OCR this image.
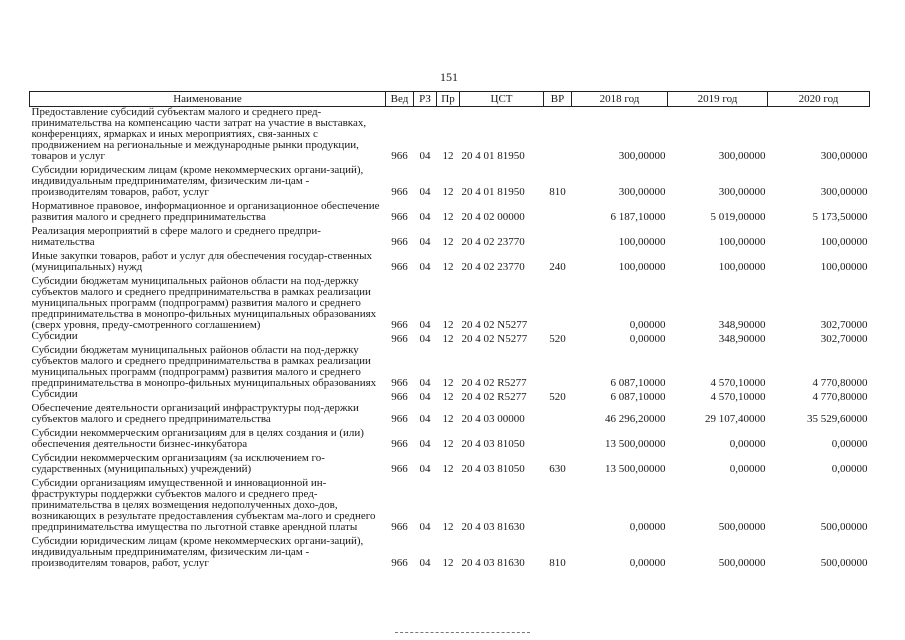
151
Наименование	Вед	РЗ	Пр	ЦСТ	ВР	2018 год	2019 год	2020 год
Предоставление субсидий субъектам малого и среднего пред-принимательства на компенсацию части затрат на участие в выставках, конференциях, ярмарках и иных мероприятиях, свя-занных с продвижением на региональные и международные рынки продукции, товаров и услуг	966	04	12	20 4 01 81950		300,00000	300,00000	300,00000
Субсидии юридическим лицам (кроме некоммерческих органи-заций), индивидуальным предпринимателям, физическим ли-цам - производителям товаров, работ, услуг	966	04	12	20 4 01 81950	810	300,00000	300,00000	300,00000
Нормативное правовое, информационное и организационное обеспечение развития малого и среднего предпринимательства	966	04	12	20 4 02 00000		6 187,10000	5 019,00000	5 173,50000
Реализация мероприятий в сфере малого и среднего предпри-нимательства	966	04	12	20 4 02 23770		100,00000	100,00000	100,00000
Иные закупки товаров, работ и услуг для обеспечения государ-ственных (муниципальных) нужд	966	04	12	20 4 02 23770	240	100,00000	100,00000	100,00000
Субсидии бюджетам муниципальных районов области на под-держку субъектов малого и среднего предпринимательства в рамках реализации муниципальных программ (подпрограмм) развития малого и среднего предпринимательства в монопро-фильных муниципальных образованиях (сверх уровня, преду-смотренного соглашением)	966	04	12	20 4 02 N5277		0,00000	348,90000	302,70000
Субсидии	966	04	12	20 4 02 N5277	520	0,00000	348,90000	302,70000
Субсидии бюджетам муниципальных районов области на под-держку субъектов малого и среднего предпринимательства в рамках реализации муниципальных программ (подпрограмм) развития малого и среднего предпринимательства в монопро-фильных муниципальных образованиях	966	04	12	20 4 02 R5277		6 087,10000	4 570,10000	4 770,80000
Субсидии	966	04	12	20 4 02 R5277	520	6 087,10000	4 570,10000	4 770,80000
Обеспечение деятельности организаций инфраструктуры под-держки субъектов малого и среднего предпринимательства	966	04	12	20 4 03 00000		46 296,20000	29 107,40000	35 529,60000
Субсидии некоммерческим организациям для в целях создания и (или) обеспечения деятельности бизнес-инкубатора	966	04	12	20 4 03 81050		13 500,00000	0,00000	0,00000
Субсидии некоммерческим организациям (за исключением го-сударственных (муниципальных) учреждений)	966	04	12	20 4 03 81050	630	13 500,00000	0,00000	0,00000
Субсидии организациям имущественной и инновационной ин-фраструктуры поддержки субъектов малого и среднего пред-принимательства в целях возмещения недополученных дохо-дов, возникающих в результате предоставления субъектам ма-лого и среднего предпринимательства имущества по льготной ставке арендной платы	966	04	12	20 4 03 81630		0,00000	500,00000	500,00000
Субсидии юридическим лицам (кроме некоммерческих органи-заций), индивидуальным предпринимателям, физическим ли-цам - производителям товаров, работ, услуг	966	04	12	20 4 03 81630	810	0,00000	500,00000	500,00000
